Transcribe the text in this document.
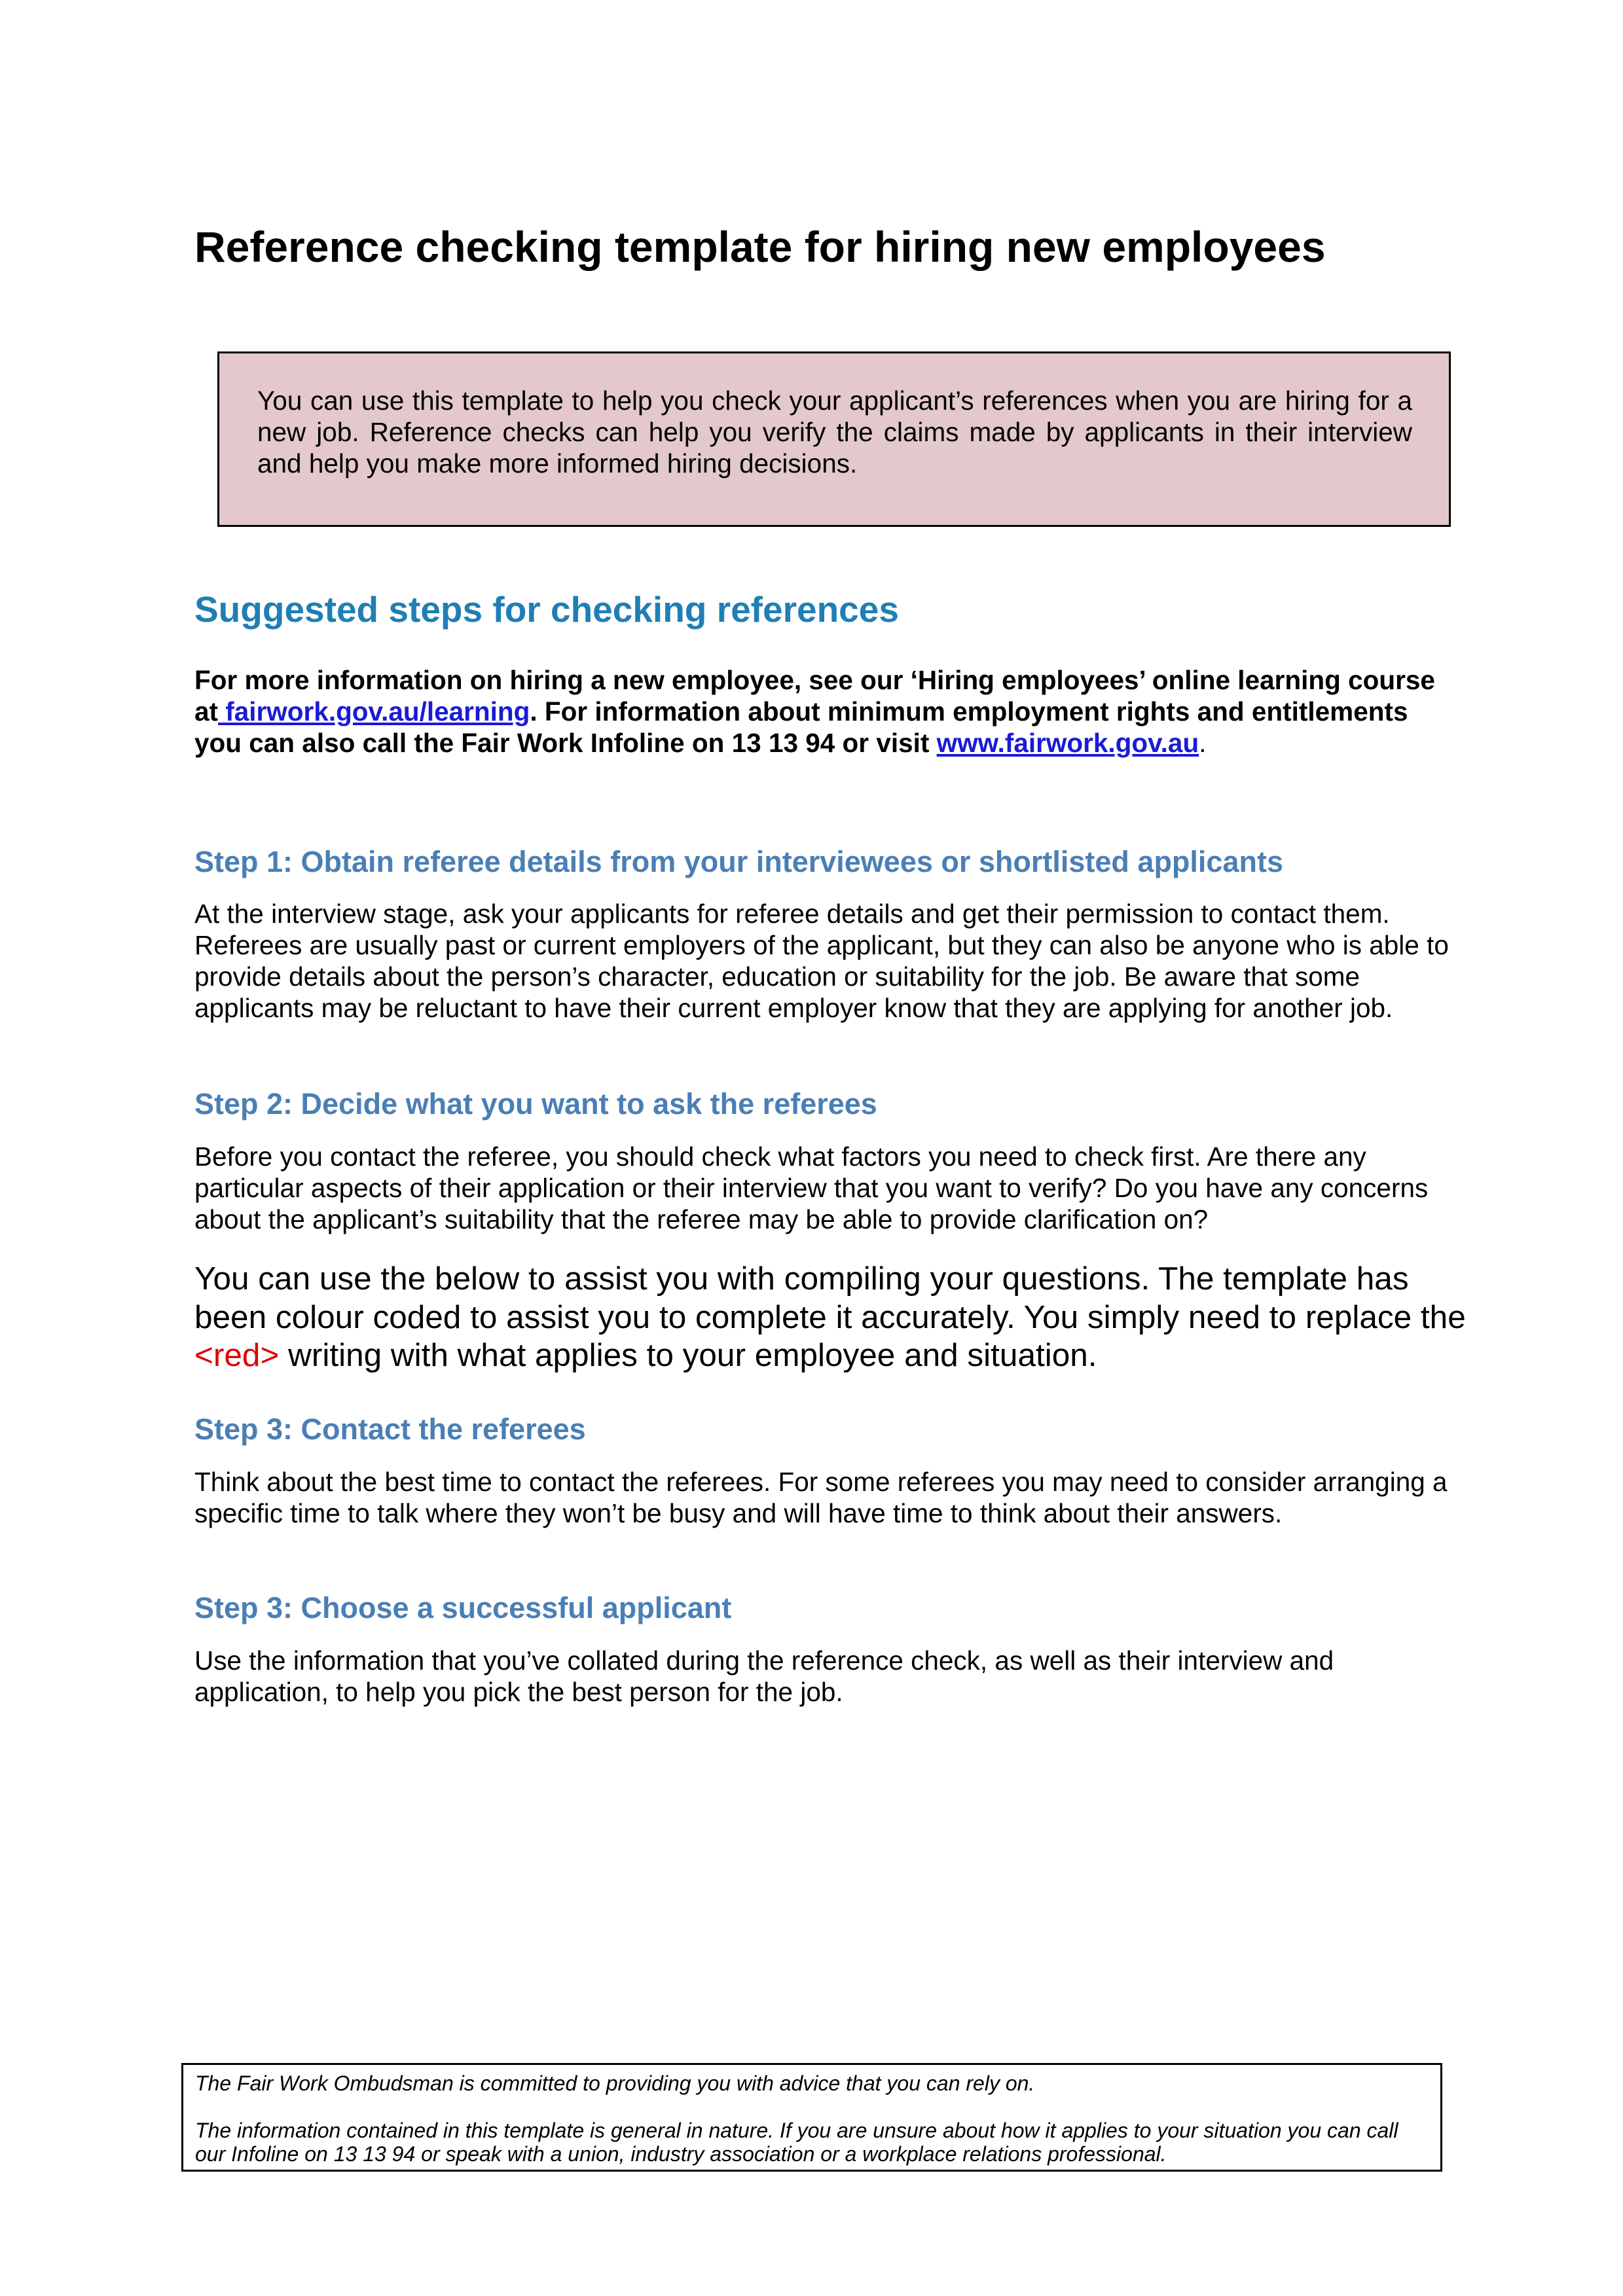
Reference checking template for hiring new employees

You can use this template to help you check your applicant’s references when you are hiring for a new job. Reference checks can help you verify the claims made by applicants in their interview and help you make more informed hiring decisions.

Suggested steps for checking references

For more information on hiring a new employee, see our ‘Hiring employees’ online learning course at fairwork.gov.au/learning. For information about minimum employment rights and entitlements you can also call the Fair Work Infoline on 13 13 94 or visit www.fairwork.gov.au.

Step 1: Obtain referee details from your interviewees or shortlisted applicants

At the interview stage, ask your applicants for referee details and get their permission to contact them. Referees are usually past or current employers of the applicant, but they can also be anyone who is able to provide details about the person’s character, education or suitability for the job. Be aware that some applicants may be reluctant to have their current employer know that they are applying for another job.

Step 2: Decide what you want to ask the referees

Before you contact the referee, you should check what factors you need to check first. Are there any particular aspects of their application or their interview that you want to verify? Do you have any concerns about the applicant’s suitability that the referee may be able to provide clarification on?

You can use the below to assist you with compiling your questions. The template has been colour coded to assist you to complete it accurately. You simply need to replace the <red> writing with what applies to your employee and situation.

Step 3: Contact the referees

Think about the best time to contact the referees. For some referees you may need to consider arranging a specific time to talk where they won’t be busy and will have time to think about their answers.

Step 3: Choose a successful applicant

Use the information that you’ve collated during the reference check, as well as their interview and application, to help you pick the best person for the job.

The Fair Work Ombudsman is committed to providing you with advice that you can rely on.

The information contained in this template is general in nature. If you are unsure about how it applies to your situation you can call our Infoline on 13 13 94 or speak with a union, industry association or a workplace relations professional.
